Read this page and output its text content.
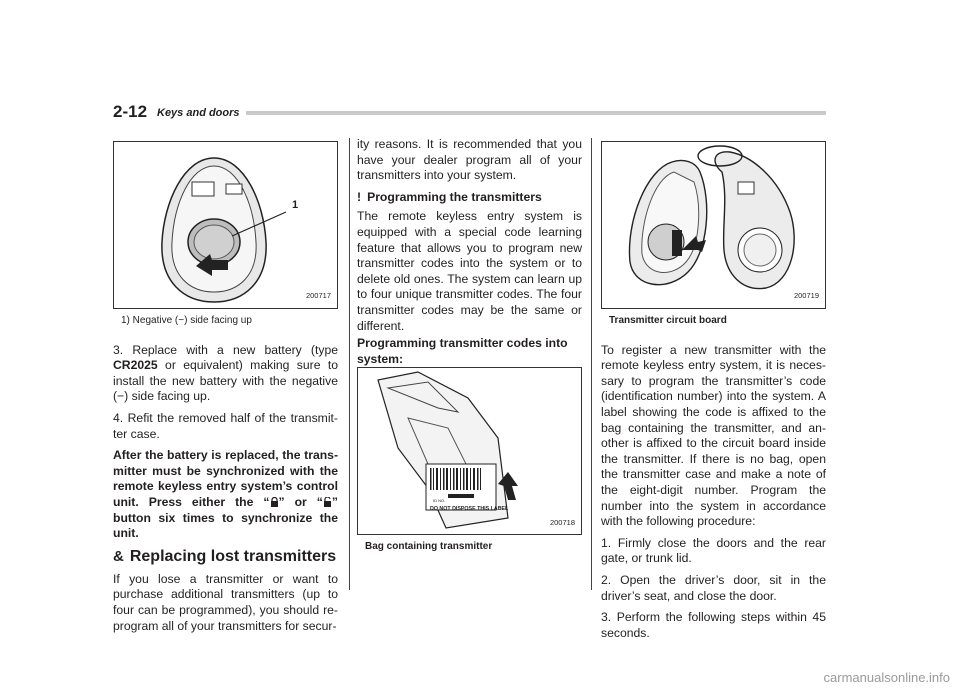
2-12 Keys and doors
1
200717
1) Negative (−) side facing up

3. Replace with a new battery (type CR2025 or equivalent) making sure to install the new battery with the negative (−) side facing up.

4. Refit the removed half of the transmit-ter case.

After the battery is replaced, the trans-mitter must be synchronized with the remote keyless entry system’s control unit. Press either the “ ” or “ ” button six times to synchronize the unit.

& Replacing lost transmitters

If you lose a transmitter or want to purchase additional transmitters (up to four can be programmed), you should re-program all of your transmitters for secur-

ity reasons. It is recommended that you have your dealer program all of your transmitters into your system.

! Programming the transmitters

The remote keyless entry system is equipped with a special code learning feature that allows you to program new transmitter codes into the system or to delete old ones. The system can learn up to four unique transmitter codes. The four transmitter codes may be the same or different.

Programming transmitter codes into system:
ID NO.
DO NOT DISPOSE THIS LABEL
200718
Bag containing transmitter
200719
Transmitter circuit board

To register a new transmitter with the remote keyless entry system, it is neces-sary to program the transmitter’s code (identification number) into the system. A label showing the code is affixed to the bag containing the transmitter, and an-other is affixed to the circuit board inside the transmitter. If there is no bag, open the transmitter case and make a note of the eight-digit number. Program the number into the system in accordance with the following procedure:

1. Firmly close the doors and the rear gate, or trunk lid.

2. Open the driver’s door, sit in the driver’s seat, and close the door.

3. Perform the following steps within 45 seconds.

carmanualsonline.info
